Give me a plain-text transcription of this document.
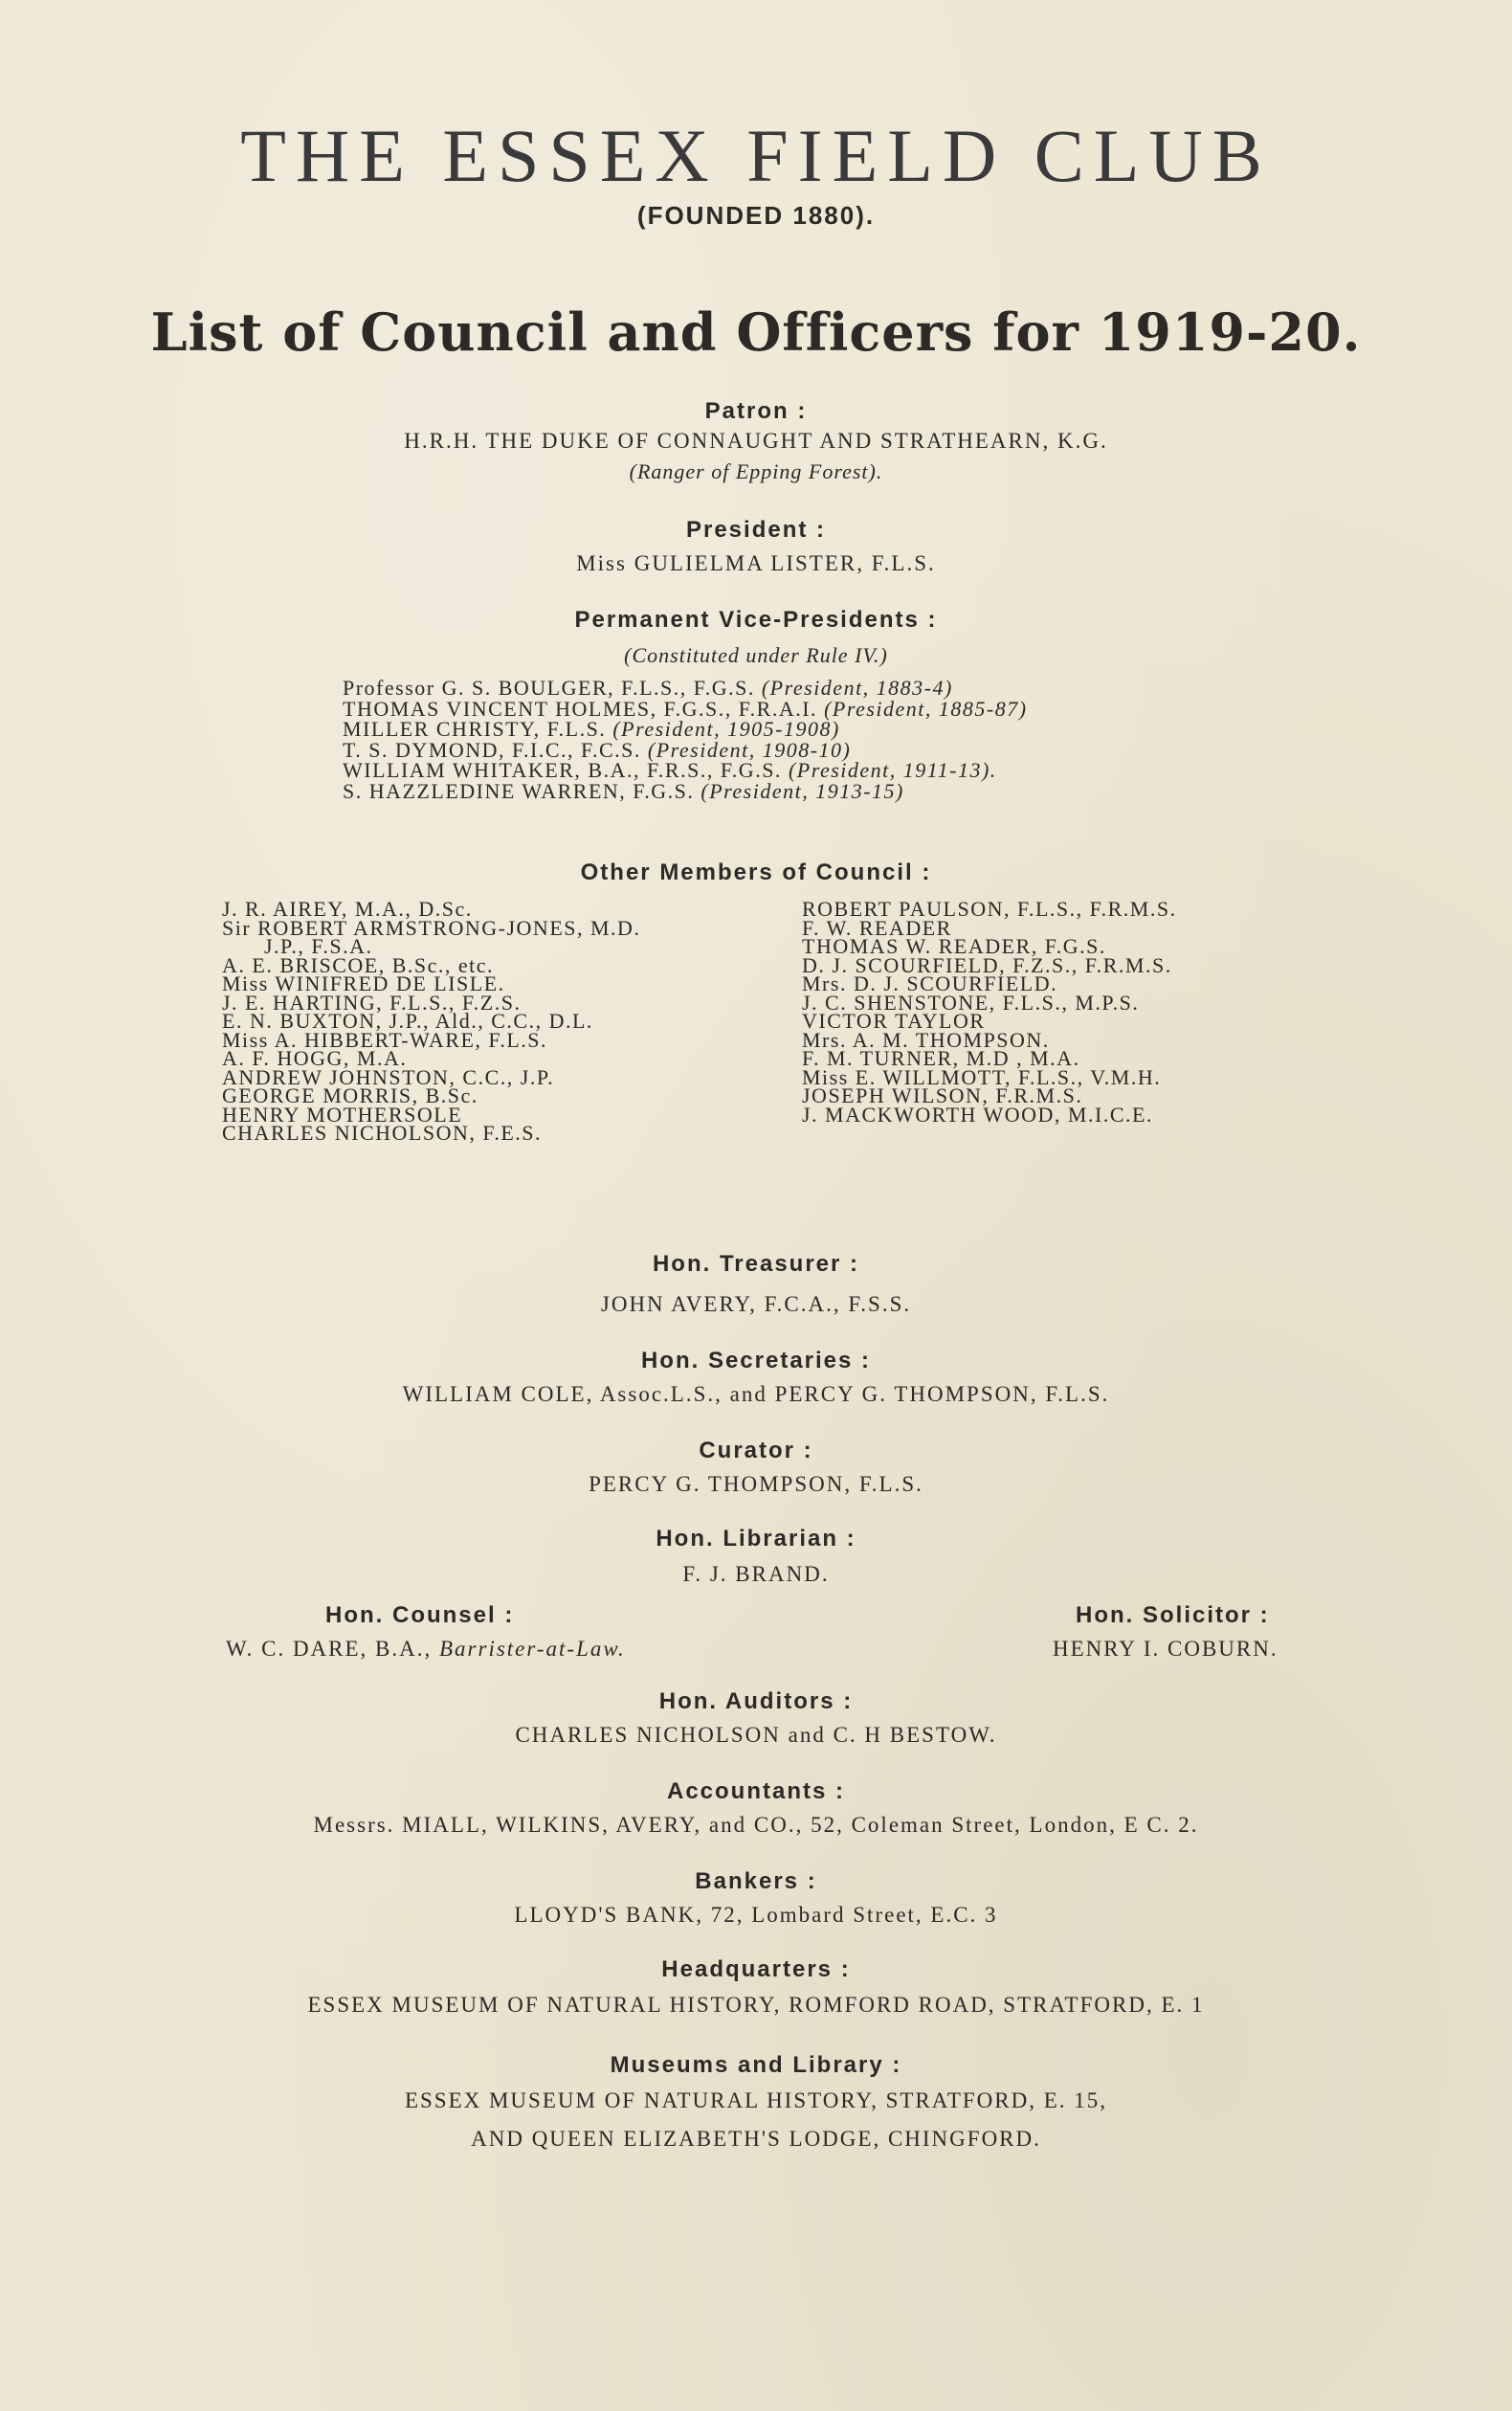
THE ESSEX FIELD CLUB
(FOUNDED 1880).
List of Council and Officers for 1919-20.
Patron :
H.R.H. THE DUKE OF CONNAUGHT AND STRATHEARN, K.G.
(Ranger of Epping Forest).
President :
Miss GULIELMA LISTER, F.L.S.
Permanent Vice-Presidents :
(Constituted under Rule IV.)
Professor G. S. BOULGER, F.L.S., F.G.S. (President, 1883-4)
THOMAS VINCENT HOLMES, F.G.S., F.R.A.I. (President, 1885-87)
MILLER CHRISTY, F.L.S. (President, 1905-1908)
T. S. DYMOND, F.I.C., F.C.S. (President, 1908-10)
WILLIAM WHITAKER, B.A., F.R.S., F.G.S. (President, 1911-13).
S. HAZZLEDINE WARREN, F.G.S. (President, 1913-15)
Other Members of Council :
J. R. AIREY, M.A., D.Sc.
Sir ROBERT ARMSTRONG-JONES, M.D.
J.P., F.S.A.
A. E. BRISCOE, B.Sc., etc.
Miss WINIFRED DE LISLE.
J. E. HARTING, F.L.S., F.Z.S.
E. N. BUXTON, J.P., Ald., C.C., D.L.
Miss A. HIBBERT-WARE, F.L.S.
A. F. HOGG, M.A.
ANDREW JOHNSTON, C.C., J.P.
GEORGE MORRIS, B.Sc.
HENRY MOTHERSOLE
CHARLES NICHOLSON, F.E.S.
ROBERT PAULSON, F.L.S., F.R.M.S.
F. W. READER
THOMAS W. READER, F.G.S.
D. J. SCOURFIELD, F.Z.S., F.R.M.S.
Mrs. D. J. SCOURFIELD.
J. C. SHENSTONE, F.L.S., M.P.S.
VICTOR TAYLOR
Mrs. A. M. THOMPSON.
F. M. TURNER, M.D , M.A.
Miss E. WILLMOTT, F.L.S., V.M.H.
JOSEPH WILSON, F.R.M.S.
J. MACKWORTH WOOD, M.I.C.E.
Hon. Treasurer :
JOHN AVERY, F.C.A., F.S.S.
Hon. Secretaries :
WILLIAM COLE, Assoc.L.S., and PERCY G. THOMPSON, F.L.S.
Curator :
PERCY G. THOMPSON, F.L.S.
Hon. Librarian :
F. J. BRAND.
Hon. Counsel :
W. C. DARE, B.A., Barrister-at-Law.
Hon. Solicitor :
HENRY I. COBURN.
Hon. Auditors :
CHARLES NICHOLSON and C. H BESTOW.
Accountants :
Messrs. MIALL, WILKINS, AVERY, and CO., 52, Coleman Street, London, E C. 2.
Bankers :
LLOYD'S BANK, 72, Lombard Street, E.C. 3
Headquarters :
ESSEX MUSEUM OF NATURAL HISTORY, ROMFORD ROAD, STRATFORD, E. 1
Museums and Library :
ESSEX MUSEUM OF NATURAL HISTORY, STRATFORD, E. 15,
AND QUEEN ELIZABETH'S LODGE, CHINGFORD.
